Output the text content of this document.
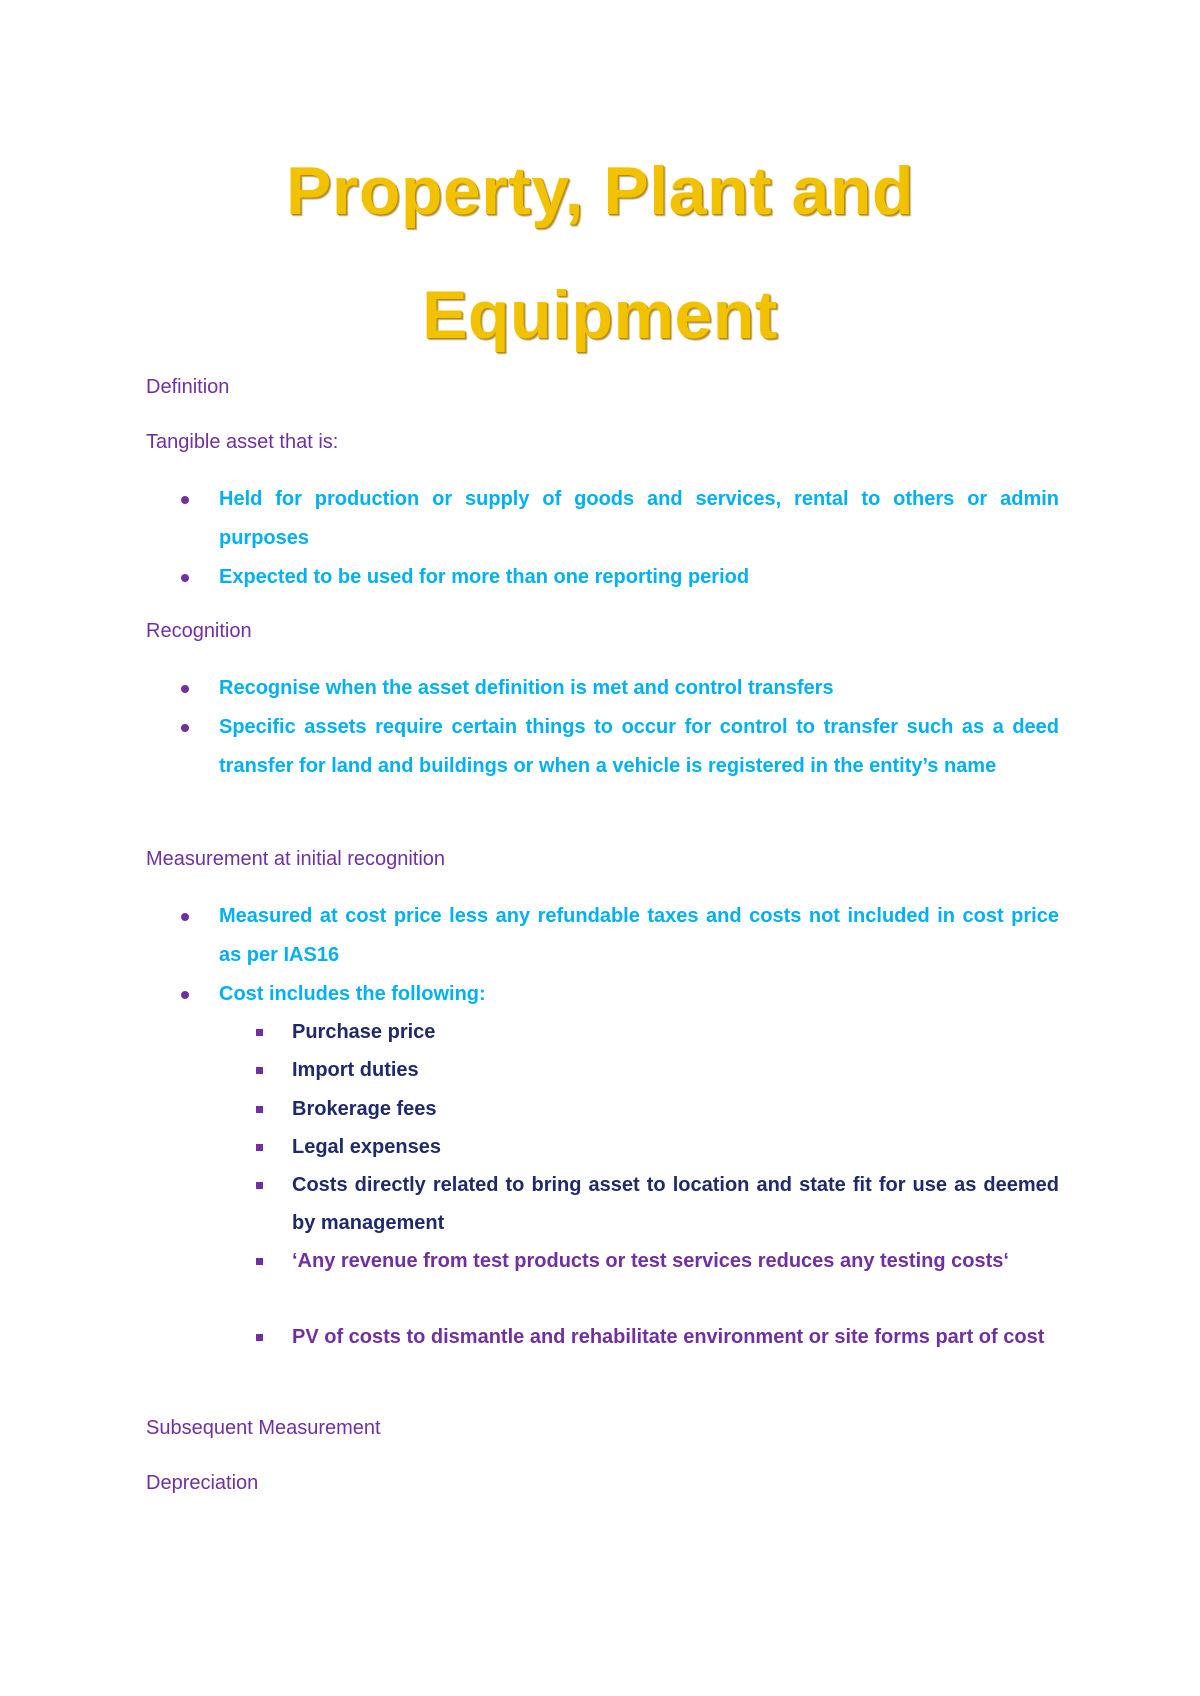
Property, Plant and
Equipment
Definition
Tangible asset that is:
Held for production or supply of goods and services, rental to others or admin purposes
Expected to be used for more than one reporting period
Recognition
Recognise when the asset definition is met and control transfers
Specific assets require certain things to occur for control to transfer such as a deed transfer for land and buildings or when a vehicle is registered in the entity’s name
Measurement at initial recognition
Measured at cost price less any refundable taxes and costs not included in cost price as per IAS16
Cost includes the following:
Purchase price
Import duties
Brokerage fees
Legal expenses
Costs directly related to bring asset to location and state fit for use as deemed by management
‘Any revenue from test products or test services reduces any testing costs‘
PV of costs to dismantle and rehabilitate environment or site forms part of cost
Subsequent Measurement
Depreciation
